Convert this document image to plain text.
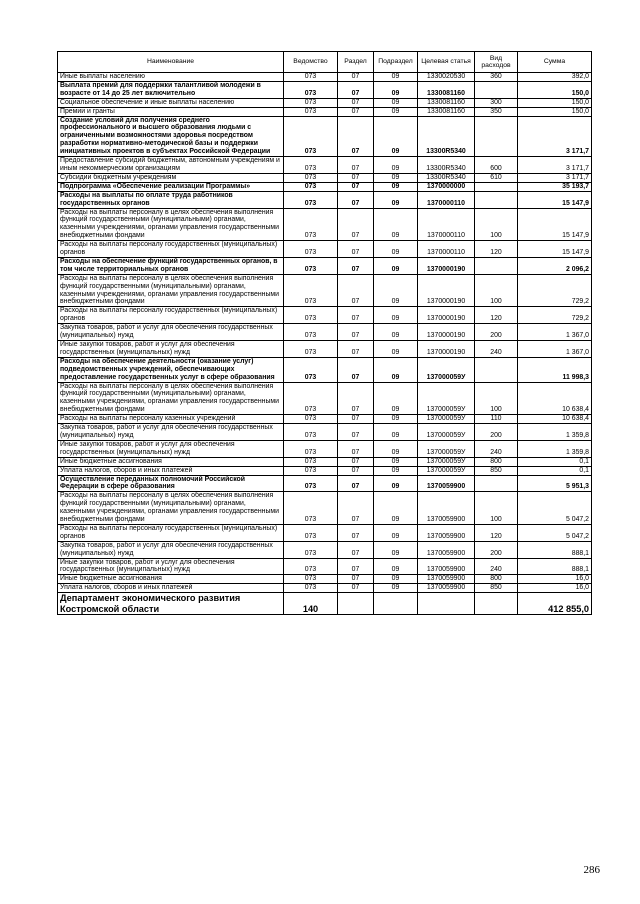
Наименование	Ведомство	Раздел	Подраздел	Целевая статья	Вид расходов	Сумма
Иные выплаты населению	073	07	09	1330020530	360	392,0
Выплата премий для поддержки талантливой молодежи в возрасте от 14 до 25 лет включительно	073	07	09	1330081160		150,0
Социальное обеспечение и иные выплаты населению	073	07	09	1330081160	300	150,0
Премии и гранты	073	07	09	1330081160	350	150,0
Создание условий для получения среднего профессионального и высшего образования людьми с ограниченными возможностями здоровья посредством разработки нормативно-методической базы и поддержки инициативных проектов в субъектах Российской Федерации	073	07	09	13300R5340		3 171,7
Предоставление субсидий бюджетным, автономным учреждениям и иным некоммерческим организациям	073	07	09	13300R5340	600	3 171,7
Субсидии бюджетным учреждениям	073	07	09	13300R5340	610	3 171,7
Подпрограмма «Обеспечение реализации Программы»	073	07	09	1370000000		35 193,7
Расходы на выплаты по оплате труда работников государственных органов	073	07	09	1370000110		15 147,9
Расходы на выплаты персоналу в целях обеспечения выполнения функций государственными (муниципальными) органами, казенными учреждениями, органами управления государственными внебюджетными фондами	073	07	09	1370000110	100	15 147,9
Расходы на выплаты персоналу государственных (муниципальных) органов	073	07	09	1370000110	120	15 147,9
Расходы на обеспечение функций государственных органов, в том числе территориальных органов	073	07	09	1370000190		2 096,2
Расходы на выплаты персоналу в целях обеспечения выполнения функций государственными (муниципальными) органами, казенными учреждениями, органами управления государственными внебюджетными фондами	073	07	09	1370000190	100	729,2
Расходы на выплаты персоналу государственных (муниципальных) органов	073	07	09	1370000190	120	729,2
Закупка товаров, работ и услуг для обеспечения государственных (муниципальных) нужд	073	07	09	1370000190	200	1 367,0
Иные закупки товаров, работ и услуг для обеспечения государственных (муниципальных) нужд	073	07	09	1370000190	240	1 367,0
Расходы на обеспечение деятельности (оказание услуг) подведомственных учреждений, обеспечивающих предоставление государственных услуг в сфере образования	073	07	09	137000059У		11 998,3
Расходы на выплаты персоналу в целях обеспечения выполнения функций государственными (муниципальными) органами, казенными учреждениями, органами управления государственными внебюджетными фондами	073	07	09	137000059У	100	10 638,4
Расходы на выплаты персоналу казенных учреждений	073	07	09	137000059У	110	10 638,4
Закупка товаров, работ и услуг для обеспечения государственных (муниципальных) нужд	073	07	09	137000059У	200	1 359,8
Иные закупки товаров, работ и услуг для обеспечения государственных (муниципальных) нужд	073	07	09	137000059У	240	1 359,8
Иные бюджетные ассигнования	073	07	09	137000059У	800	0,1
Уплата налогов, сборов и иных платежей	073	07	09	137000059У	850	0,1
Осуществление переданных полномочий Российской Федерации в сфере образования	073	07	09	1370059900		5 951,3
Расходы на выплаты персоналу в целях обеспечения выполнения функций государственными (муниципальными) органами, казенными учреждениями, органами управления государственными внебюджетными фондами	073	07	09	1370059900	100	5 047,2
Расходы на выплаты персоналу государственных (муниципальных) органов	073	07	09	1370059900	120	5 047,2
Закупка товаров, работ и услуг для обеспечения государственных (муниципальных) нужд	073	07	09	1370059900	200	888,1
Иные закупки товаров, работ и услуг для обеспечения государственных (муниципальных) нужд	073	07	09	1370059900	240	888,1
Иные бюджетные ассигнования	073	07	09	1370059900	800	16,0
Уплата налогов, сборов и иных платежей	073	07	09	1370059900	850	16,0
Департамент экономического развития Костромской области	140					412 855,0
286
